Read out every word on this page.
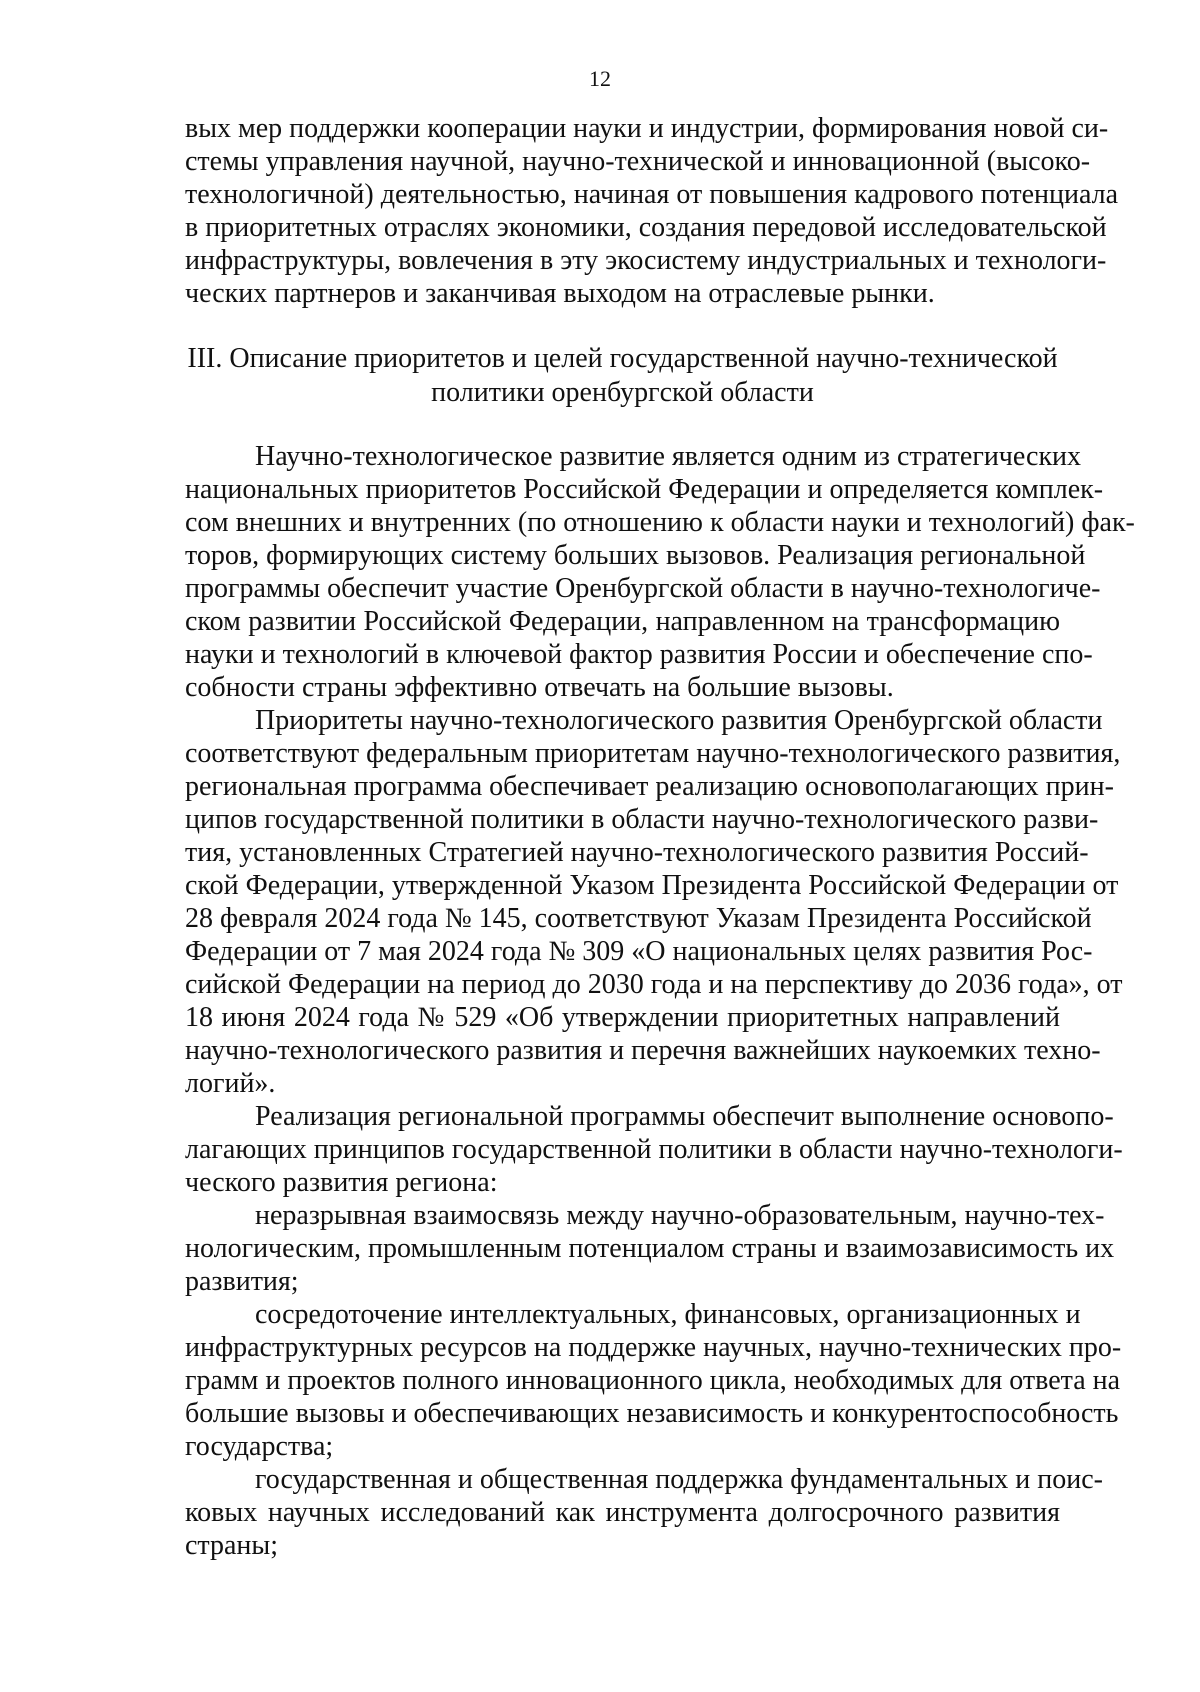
12
вых мер поддержки кооперации науки и индустрии, формирования новой си-
стемы управления научной, научно-технической и инновационной (высоко-
технологичной) деятельностью, начиная от повышения кадрового потенциала
в приоритетных отраслях экономики, создания передовой исследовательской
инфраструктуры, вовлечения в эту экосистему индустриальных и технологи-
ческих партнеров и заканчивая выходом на отраслевые рынки.
III. Описание приоритетов и целей государственной научно-технической
политики оренбургской области
Научно-технологическое развитие является одним из стратегических
национальных приоритетов Российской Федерации и определяется комплек-
сом внешних и внутренних (по отношению к области науки и технологий) фак-
торов, формирующих систему больших вызовов. Реализация региональной
программы обеспечит участие Оренбургской области в научно-технологиче-
ском развитии Российской Федерации, направленном на трансформацию
науки и технологий в ключевой фактор развития России и обеспечение спо-
собности страны эффективно отвечать на большие вызовы.
Приоритеты научно-технологического развития Оренбургской области
соответствуют федеральным приоритетам научно-технологического развития,
региональная программа обеспечивает реализацию основополагающих прин-
ципов государственной политики в области научно-технологического разви-
тия, установленных Стратегией научно-технологического развития Россий-
ской Федерации, утвержденной Указом Президента Российской Федерации от
28 февраля 2024 года № 145, соответствуют Указам Президента Российской
Федерации от 7 мая 2024 года № 309 «О национальных целях развития Рос-
сийской Федерации на период до 2030 года и на перспективу до 2036 года», от
18 июня 2024 года № 529 «Об утверждении приоритетных направлений
научно-технологического развития и перечня важнейших наукоемких техно-
логий».
Реализация региональной программы обеспечит выполнение основопо-
лагающих принципов государственной политики в области научно-технологи-
ческого развития региона:
неразрывная взаимосвязь между научно-образовательным, научно-тех-
нологическим, промышленным потенциалом страны и взаимозависимость их
развития;
сосредоточение интеллектуальных, финансовых, организационных и
инфраструктурных ресурсов на поддержке научных, научно-технических про-
грамм и проектов полного инновационного цикла, необходимых для ответа на
большие вызовы и обеспечивающих независимость и конкурентоспособность
государства;
государственная и общественная поддержка фундаментальных и поис-
ковых научных исследований как инструмента долгосрочного развития
страны;
